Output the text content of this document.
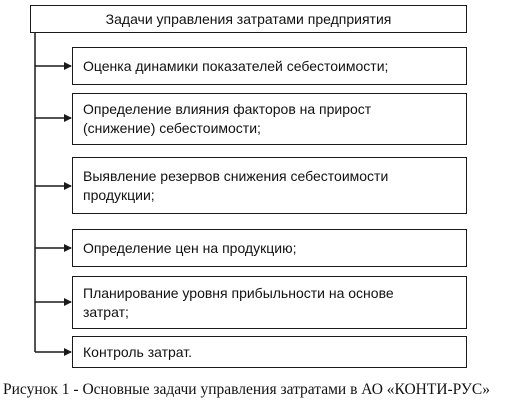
Задачи управления затратами предприятия
Оценка динамики показателей себестоимости;
Определение влияния факторов на прирост
(снижение) себестоимости;
Выявление резервов снижения себестоимости
продукции;
Определение цен на продукцию;
Планирование уровня прибыльности на основе
затрат;
Контроль затрат.
Рисунок 1 - Основные задачи управления затратами в АО «КОНТИ-РУС»
